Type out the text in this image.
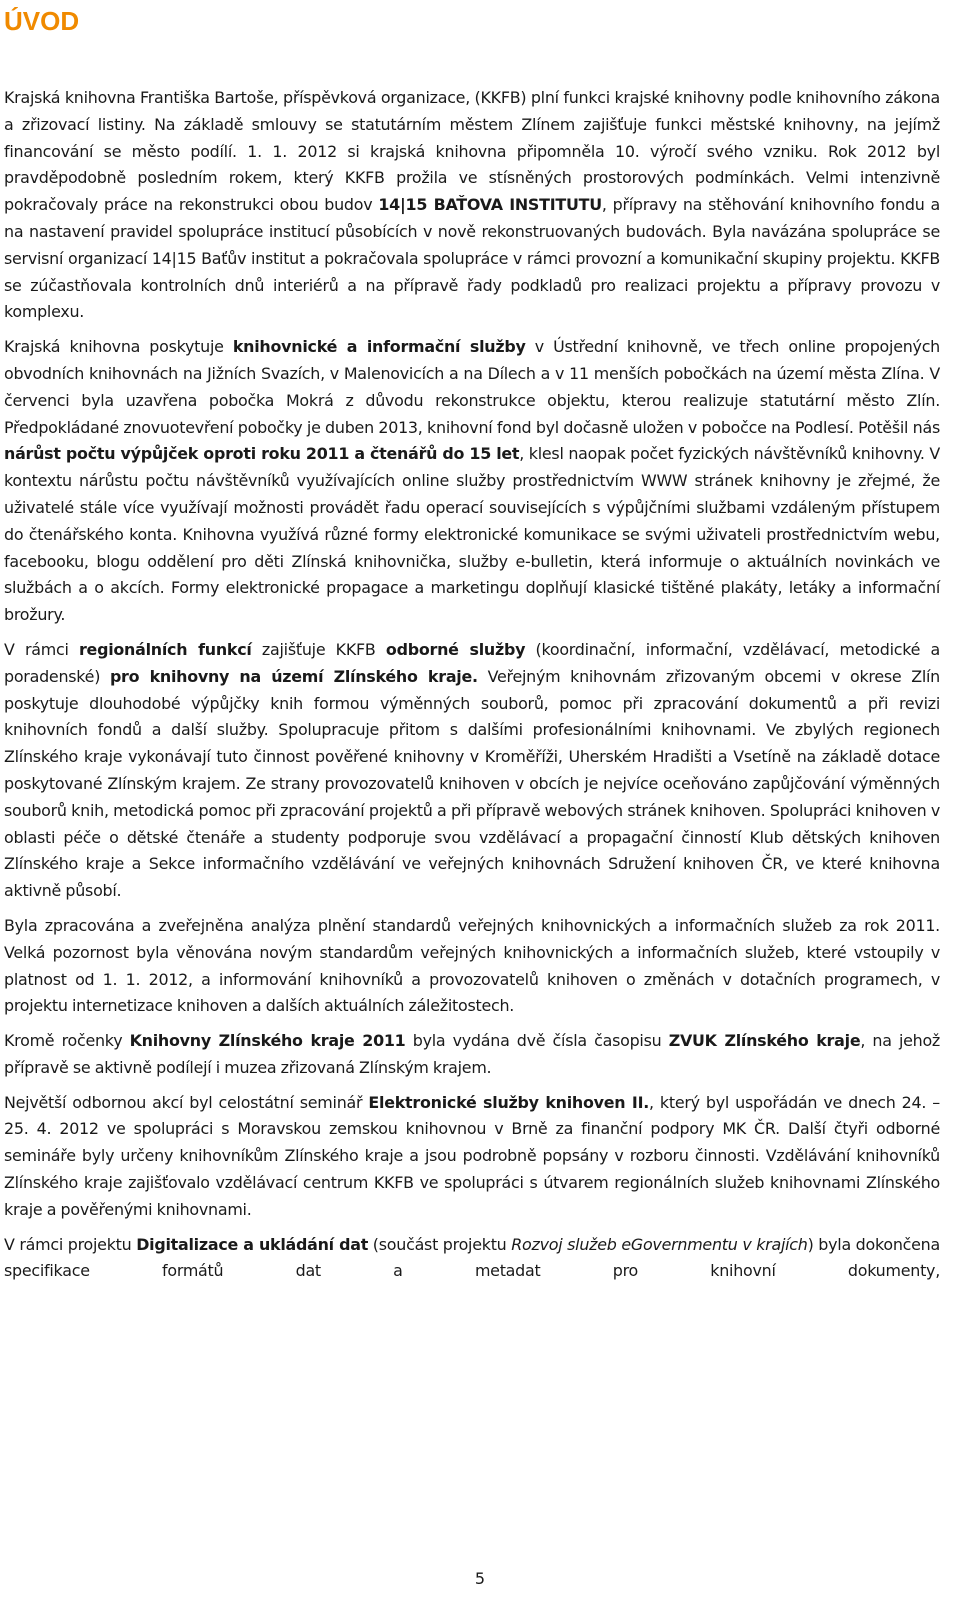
ÚVOD

Krajská knihovna Františka Bartoše, příspěvková organizace, (KKFB) plní funkci krajské knihovny podle knihovního zákona a zřizovací listiny. Na základě smlouvy se statutárním městem Zlínem zajišťuje funkci městské knihovny, na jejímž financování se město podílí. 1. 1. 2012 si krajská knihovna připomněla 10. výročí svého vzniku. Rok 2012 byl pravděpodobně posledním rokem, který KKFB prožila ve stísněných prostorových podmínkách. Velmi intenzivně pokračovaly práce na rekonstrukci obou budov 14|15 BAŤOVA INSTITUTU, přípravy na stěhování knihovního fondu a na nastavení pravidel spolupráce institucí působících v nově rekonstruovaných budovách. Byla navázána spolupráce se servisní organizací 14|15 Baťův institut a pokračovala spolupráce v rámci provozní a komunikační skupiny projektu. KKFB se zúčastňovala kontrolních dnů interiérů a na přípravě řady podkladů pro realizaci projektu a přípravy provozu v komplexu.

Krajská knihovna poskytuje knihovnické a informační služby v Ústřední knihovně, ve třech online propojených obvodních knihovnách na Jižních Svazích, v Malenovicích a na Dílech a v 11 menších pobočkách na území města Zlína. V červenci byla uzavřena pobočka Mokrá z důvodu rekonstrukce objektu, kterou realizuje statutární město Zlín. Předpokládané znovuotevření pobočky je duben 2013, knihovní fond byl dočasně uložen v pobočce na Podlesí. Potěšil nás nárůst počtu výpůjček oproti roku 2011 a čtenářů do 15 let, klesl naopak počet fyzických návštěvníků knihovny. V kontextu nárůstu počtu návštěvníků využívajících online služby prostřednictvím WWW stránek knihovny je zřejmé, že uživatelé stále více využívají možnosti provádět řadu operací souvisejících s výpůjčními službami vzdáleným přístupem do čtenářského konta. Knihovna využívá různé formy elektronické komunikace se svými uživateli prostřednictvím webu, facebooku, blogu oddělení pro děti Zlínská knihovnička, služby e-bulletin, která informuje o aktuálních novinkách ve službách a o akcích. Formy elektronické propagace a marketingu doplňují klasické tištěné plakáty, letáky a informační brožury.

V rámci regionálních funkcí zajišťuje KKFB odborné služby (koordinační, informační, vzdělávací, metodické a poradenské) pro knihovny na území Zlínského kraje. Veřejným knihovnám zřizovaným obcemi v okrese Zlín poskytuje dlouhodobé výpůjčky knih formou výměnných souborů, pomoc při zpracování dokumentů a při revizi knihovních fondů a další služby. Spolupracuje přitom s dalšími profesionálními knihovnami. Ve zbylých regionech Zlínského kraje vykonávají tuto činnost pověřené knihovny v Kroměříži, Uherském Hradišti a Vsetíně na základě dotace poskytované Zlínským krajem. Ze strany provozovatelů knihoven v obcích je nejvíce oceňováno zapůjčování výměnných souborů knih, metodická pomoc při zpracování projektů a při přípravě webových stránek knihoven. Spolupráci knihoven v oblasti péče o dětské čtenáře a studenty podporuje svou vzdělávací a propagační činností Klub dětských knihoven Zlínského kraje a Sekce informačního vzdělávání ve veřejných knihovnách Sdružení knihoven ČR, ve které knihovna aktivně působí.

Byla zpracována a zveřejněna analýza plnění standardů veřejných knihovnických a informačních služeb za rok 2011. Velká pozornost byla věnována novým standardům veřejných knihovnických a informačních služeb, které vstoupily v platnost od 1. 1. 2012, a informování knihovníků a provozovatelů knihoven o změnách v dotačních programech, v projektu internetizace knihoven a dalších aktuálních záležitostech.

Kromě ročenky Knihovny Zlínského kraje 2011 byla vydána dvě čísla časopisu ZVUK Zlínského kraje, na jehož přípravě se aktivně podílejí i muzea zřizovaná Zlínským krajem.

Největší odbornou akcí byl celostátní seminář Elektronické služby knihoven II., který byl uspořádán ve dnech 24. – 25. 4. 2012 ve spolupráci s Moravskou zemskou knihovnou v Brně za finanční podpory MK ČR. Další čtyři odborné semináře byly určeny knihovníkům Zlínského kraje a jsou podrobně popsány v rozboru činnosti. Vzdělávání knihovníků Zlínského kraje zajišťovalo vzdělávací centrum KKFB ve spolupráci s útvarem regionálních služeb knihovnami Zlínského kraje a pověřenými knihovnami.

V rámci projektu Digitalizace a ukládání dat (součást projektu Rozvoj služeb eGovernmentu v krajích) byla dokončena specifikace formátů dat a metadat pro knihovní dokumenty,

5
